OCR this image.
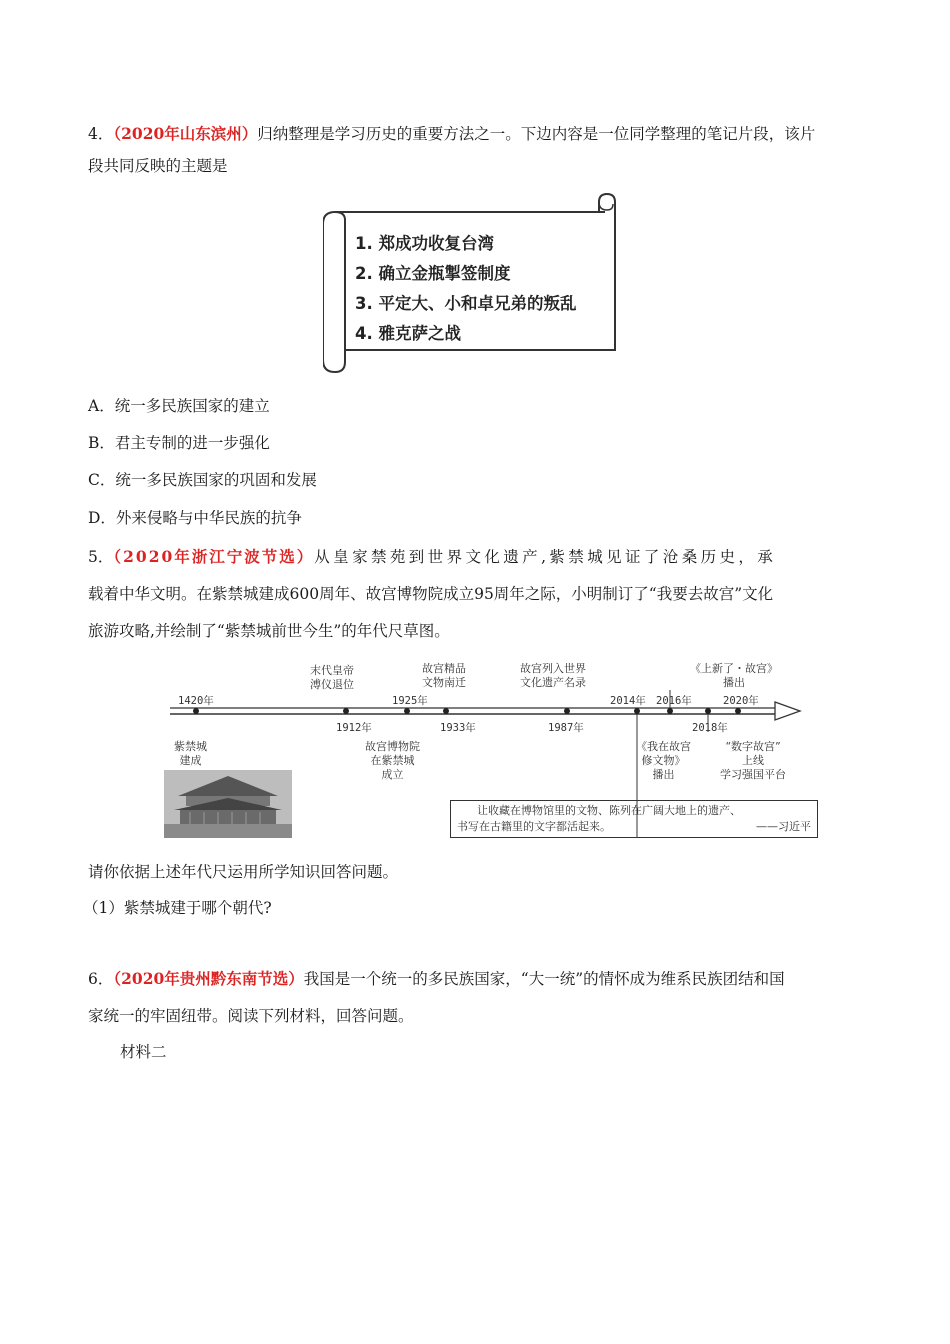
4．（2020年山东滨州）归纳整理是学习历史的重要方法之一。下边内容是一位同学整理的笔记片段，该片
段共同反映的主题是
1. 郑成功收复台湾
2. 确立金瓶掣签制度
3. 平定大、小和卓兄弟的叛乱
4. 雅克萨之战
A．统一多民族国家的建立
B．君主专制的进一步强化
C．统一多民族国家的巩固和发展
D．外来侵略与中华民族的抗争
5．（2020年浙江宁波节选）从皇家禁苑到世界文化遗产,紫禁城见证了沧桑历史，承
载着中华文明。在紫禁城建成600周年、故宫博物院成立95周年之际，小明制订了“我要去故宫”文化
旅游攻略,并绘制了“紫禁城前世今生”的年代尺草图。
1420年
1912年
1925年
1933年	1987年
2014年 2016年
2018年
2020年
末代皇帝
溥仪退位
故宫精品
文物南迁
故宫列入世界
文化遗产名录
《上新了・故宫》
播出
紫禁城
建成
故宫博物院
在紫禁城
成立
《我在故宫
修文物》
播出
“数字故宫”
上线
学习强国平台
让收藏在博物馆里的文物、陈列在广阔大地上的遗产、
书写在古籍里的文字都活起来。	——习近平
请你依据上述年代尺运用所学知识回答问题。
（1）紫禁城建于哪个朝代?
6．（2020年贵州黔东南节选）我国是一个统一的多民族国家，“大一统”的情怀成为维系民族团结和国
家统一的牢固纽带。阅读下列材料，回答问题。
材料二
